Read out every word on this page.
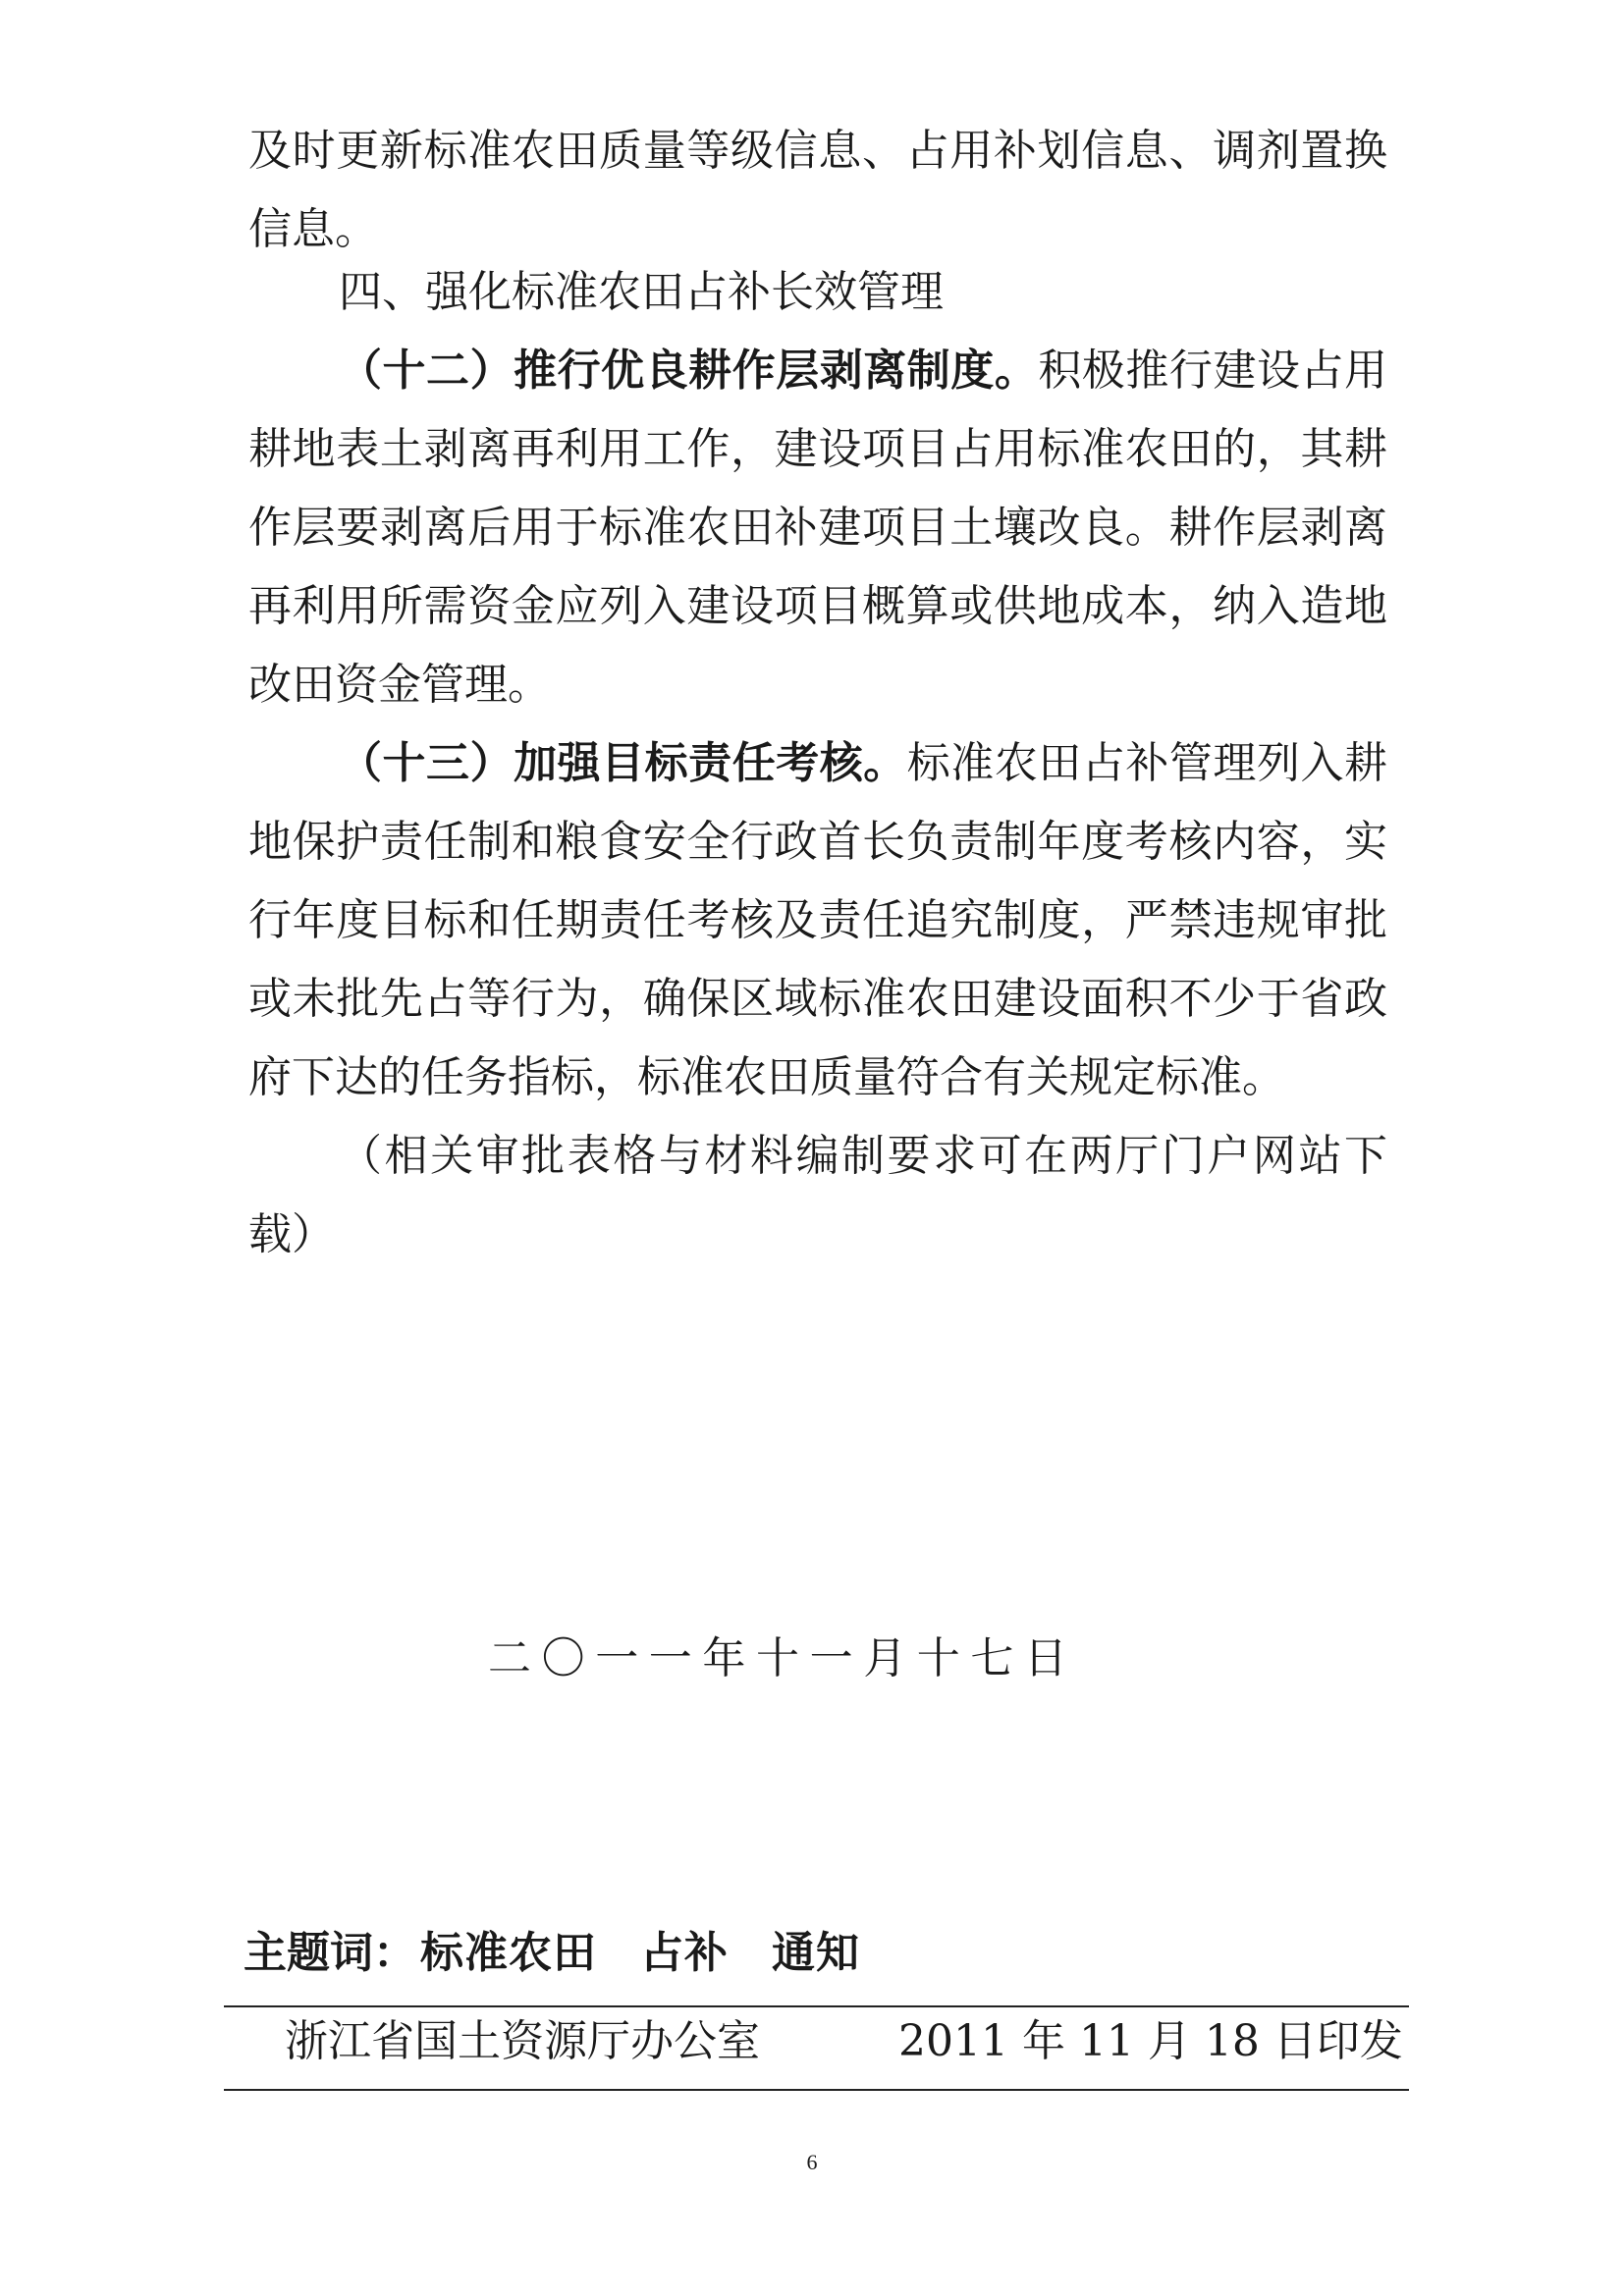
及时更新标准农田质量等级信息、占用补划信息、调剂置换
信息。
四、强化标准农田占补长效管理
（十二）推行优良耕作层剥离制度。积极推行建设占用
耕地表土剥离再利用工作，建设项目占用标准农田的，其耕
作层要剥离后用于标准农田补建项目土壤改良。耕作层剥离
再利用所需资金应列入建设项目概算或供地成本，纳入造地
改田资金管理。
（十三）加强目标责任考核。标准农田占补管理列入耕
地保护责任制和粮食安全行政首长负责制年度考核内容，实
行年度目标和任期责任考核及责任追究制度，严禁违规审批
或未批先占等行为，确保区域标准农田建设面积不少于省政
府下达的任务指标，标准农田质量符合有关规定标准。
（相关审批表格与材料编制要求可在两厅门户网站下
载）
二〇一一年十一月十七日
主题词：标准农田 占补 通知
浙江省国土资源厅办公室	2011 年 11 月 18 日印发
6
